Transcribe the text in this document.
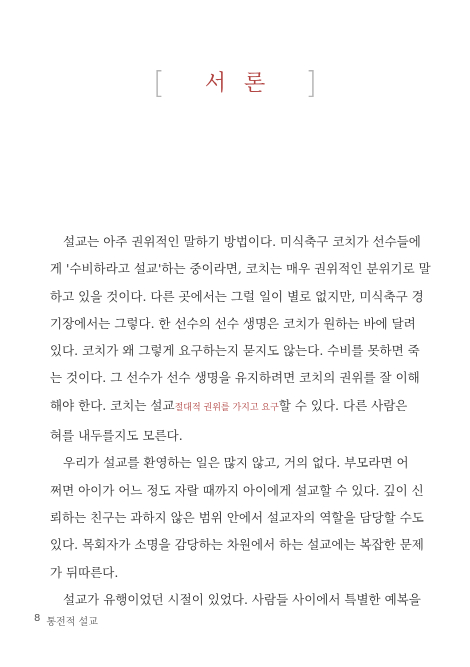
[	서론 ]

설교는 아주 권위적인 말하기 방법이다. 미식축구 코치가 선수들에
게 '수비하라고 설교'하는 중이라면, 코치는 매우 권위적인 분위기로 말
하고 있을 것이다. 다른 곳에서는 그럴 일이 별로 없지만, 미식축구 경
기장에서는 그렇다. 한 선수의 선수 생명은 코치가 원하는 바에 달려
있다. 코치가 왜 그렇게 요구하는지 묻지도 않는다. 수비를 못하면 죽
는 것이다. 그 선수가 선수 생명을 유지하려면 코치의 권위를 잘 이해
해야 한다. 코치는 설교절대적 권위를 가지고 요구할 수 있다. 다른 사람은
혀를 내두를지도 모른다.

우리가 설교를 환영하는 일은 많지 않고, 거의 없다. 부모라면 어
쩌면 아이가 어느 정도 자랄 때까지 아이에게 설교할 수 있다. 깊이 신
뢰하는 친구는 과하지 않은 범위 안에서 설교자의 역할을 담당할 수도
있다. 목회자가 소명을 감당하는 차원에서 하는 설교에는 복잡한 문제
가 뒤따른다.

설교가 유행이었던 시절이 있었다. 사람들 사이에서 특별한 예복을

8 통전적 설교
